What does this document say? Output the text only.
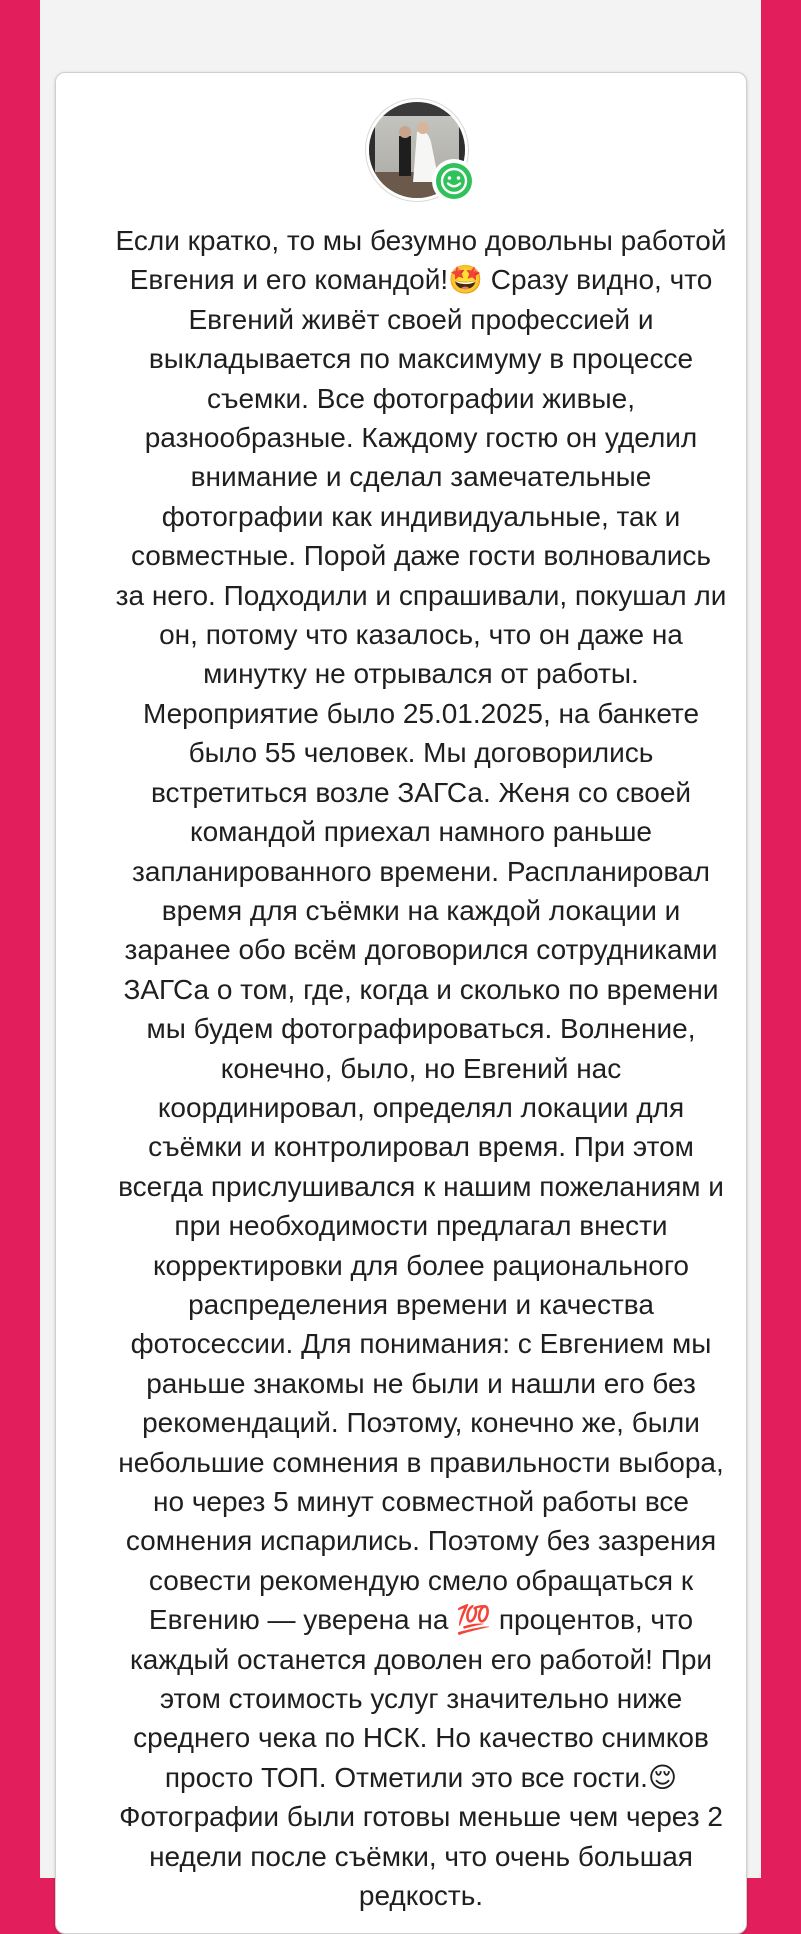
Если кратко, то мы безумно довольны работой
Евгения и его командой!🤩 Сразу видно, что
Евгений живёт своей профессией и
выкладывается по максимуму в процессе
съемки. Все фотографии живые,
разнообразные. Каждому гостю он уделил
внимание и сделал замечательные
фотографии как индивидуальные, так и
совместные. Порой даже гости волновались
за него. Подходили и спрашивали, покушал ли
он, потому что казалось, что он даже на
минутку не отрывался от работы.
Мероприятие было 25.01.2025, на банкете
было 55 человек. Мы договорились
встретиться возле ЗАГСа. Женя со своей
командой приехал намного раньше
запланированного времени. Распланировал
время для съёмки на каждой локации и
заранее обо всём договорился сотрудниками
ЗАГСа о том, где, когда и сколько по времени
мы будем фотографироваться. Волнение,
конечно, было, но Евгений нас
координировал, определял локации для
съёмки и контролировал время. При этом
всегда прислушивался к нашим пожеланиям и
при необходимости предлагал внести
корректировки для более рационального
распределения времени и качества
фотосессии. Для понимания: с Евгением мы
раньше знакомы не были и нашли его без
рекомендаций. Поэтому, конечно же, были
небольшие сомнения в правильности выбора,
но через 5 минут совместной работы все
сомнения испарились. Поэтому без зазрения
совести рекомендую смело обращаться к
Евгению — уверена на 💯 процентов, что
каждый останется доволен его работой! При
этом стоимость услуг значительно ниже
среднего чека по НСК. Но качество снимков
просто ТОП. Отметили это все гости.😌
Фотографии были готовы меньше чем через 2
недели после съёмки, что очень большая
редкость.
